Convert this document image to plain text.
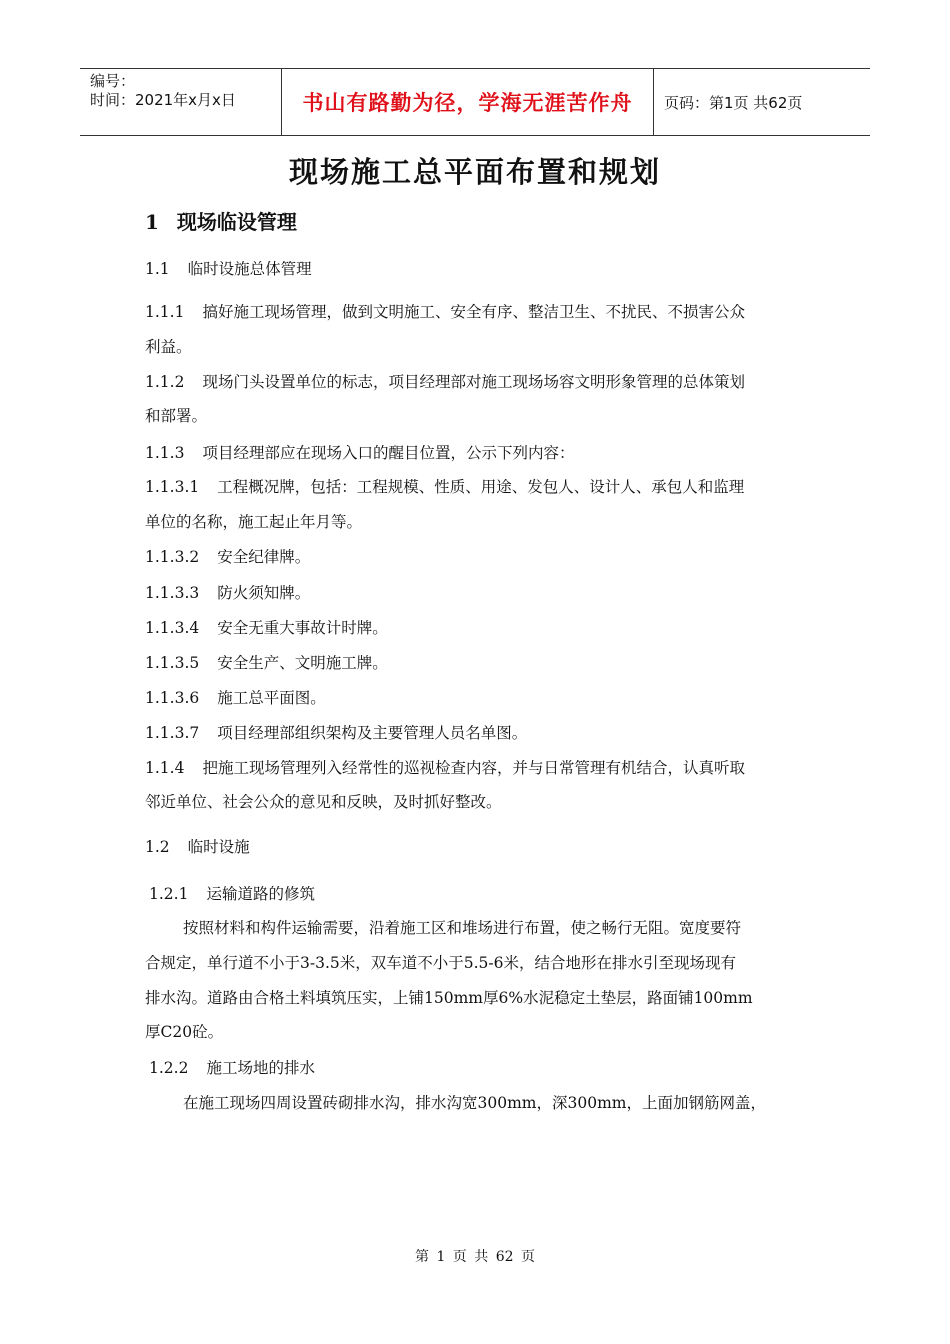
编号：
时间：2021年x月x日	书山有路勤为径，学海无涯苦作舟	页码：第1页 共62页
现场施工总平面布置和规划
1 现场临设管理
1.1 临时设施总体管理
1.1.1 搞好施工现场管理，做到文明施工、安全有序、整洁卫生、不扰民、不损害公众
利益。
1.1.2 现场门头设置单位的标志，项目经理部对施工现场场容文明形象管理的总体策划
和部署。
1.1.3 项目经理部应在现场入口的醒目位置，公示下列内容：
1.1.3.1 工程概况牌，包括：工程规模、性质、用途、发包人、设计人、承包人和监理
单位的名称，施工起止年月等。
1.1.3.2 安全纪律牌。
1.1.3.3 防火须知牌。
1.1.3.4 安全无重大事故计时牌。
1.1.3.5 安全生产、文明施工牌。
1.1.3.6 施工总平面图。
1.1.3.7 项目经理部组织架构及主要管理人员名单图。
1.1.4 把施工现场管理列入经常性的巡视检查内容，并与日常管理有机结合，认真听取
邻近单位、社会公众的意见和反映，及时抓好整改。
1.2 临时设施
1.2.1 运输道路的修筑
按照材料和构件运输需要，沿着施工区和堆场进行布置，使之畅行无阻。宽度要符
合规定，单行道不小于3-3.5米，双车道不小于5.5-6米，结合地形在排水引至现场现有
排水沟。道路由合格土料填筑压实，上铺150mm厚6%水泥稳定土垫层，路面铺100mm
厚C20砼。
1.2.2 施工场地的排水
在施工现场四周设置砖砌排水沟，排水沟宽300mm，深300mm，上面加钢筋网盖，
第 1 页 共 62 页
